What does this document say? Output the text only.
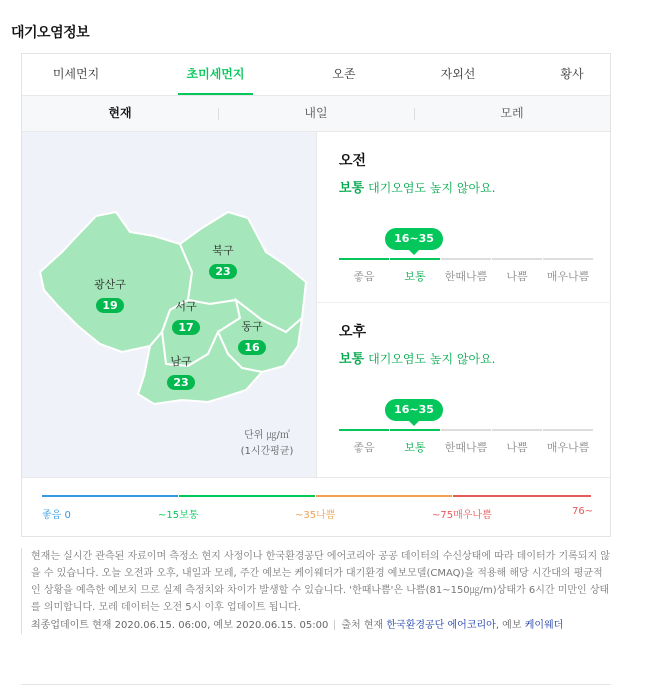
대기오염정보
미세먼지	초미세먼지	오존	자외선	황사
현재	내일	모레
북구
23
광산구
19	서구
17	동구
16
남구
23
단위 ㎍/㎥
(1시간평균)
오전
보통 대기오염도 높지 않아요.
16~35
좋음	보통	한때나쁨	나쁨	매우나쁨
오후
보통 대기오염도 높지 않아요.
16~35
좋음	보통	한때나쁨	나쁨	매우나쁨
좋음 0	~15보통	~35나쁨	~75매우나쁨	76~
현재는 실시간 관측된 자료이며 측정소 현지 사정이나 한국환경공단 에어코리아 공공 데이터의 수신상태에 따라 데이터가 기록되지 않을 수 있습니다. 오늘 오전과 오후, 내일과 모레, 주간 예보는 케이웨더가 대기환경 예보모델(CMAQ)을 적용해 해당 시간대의 평균적인 상황을 예측한 예보치 므로 실제 측정치와 차이가 발생할 수 있습니다. '한때나쁨'은 나쁨(81~150㎍/m)상태가 6시간 미만인 상태를 의미합니다. 모레 데이터는 오전 5시 이후 업데이트 됩니다.
최종업데이트 현재 2020.06.15. 06:00, 예보 2020.06.15. 05:00 출처 현재 한국환경공단 에어코리아, 예보 케이웨더
